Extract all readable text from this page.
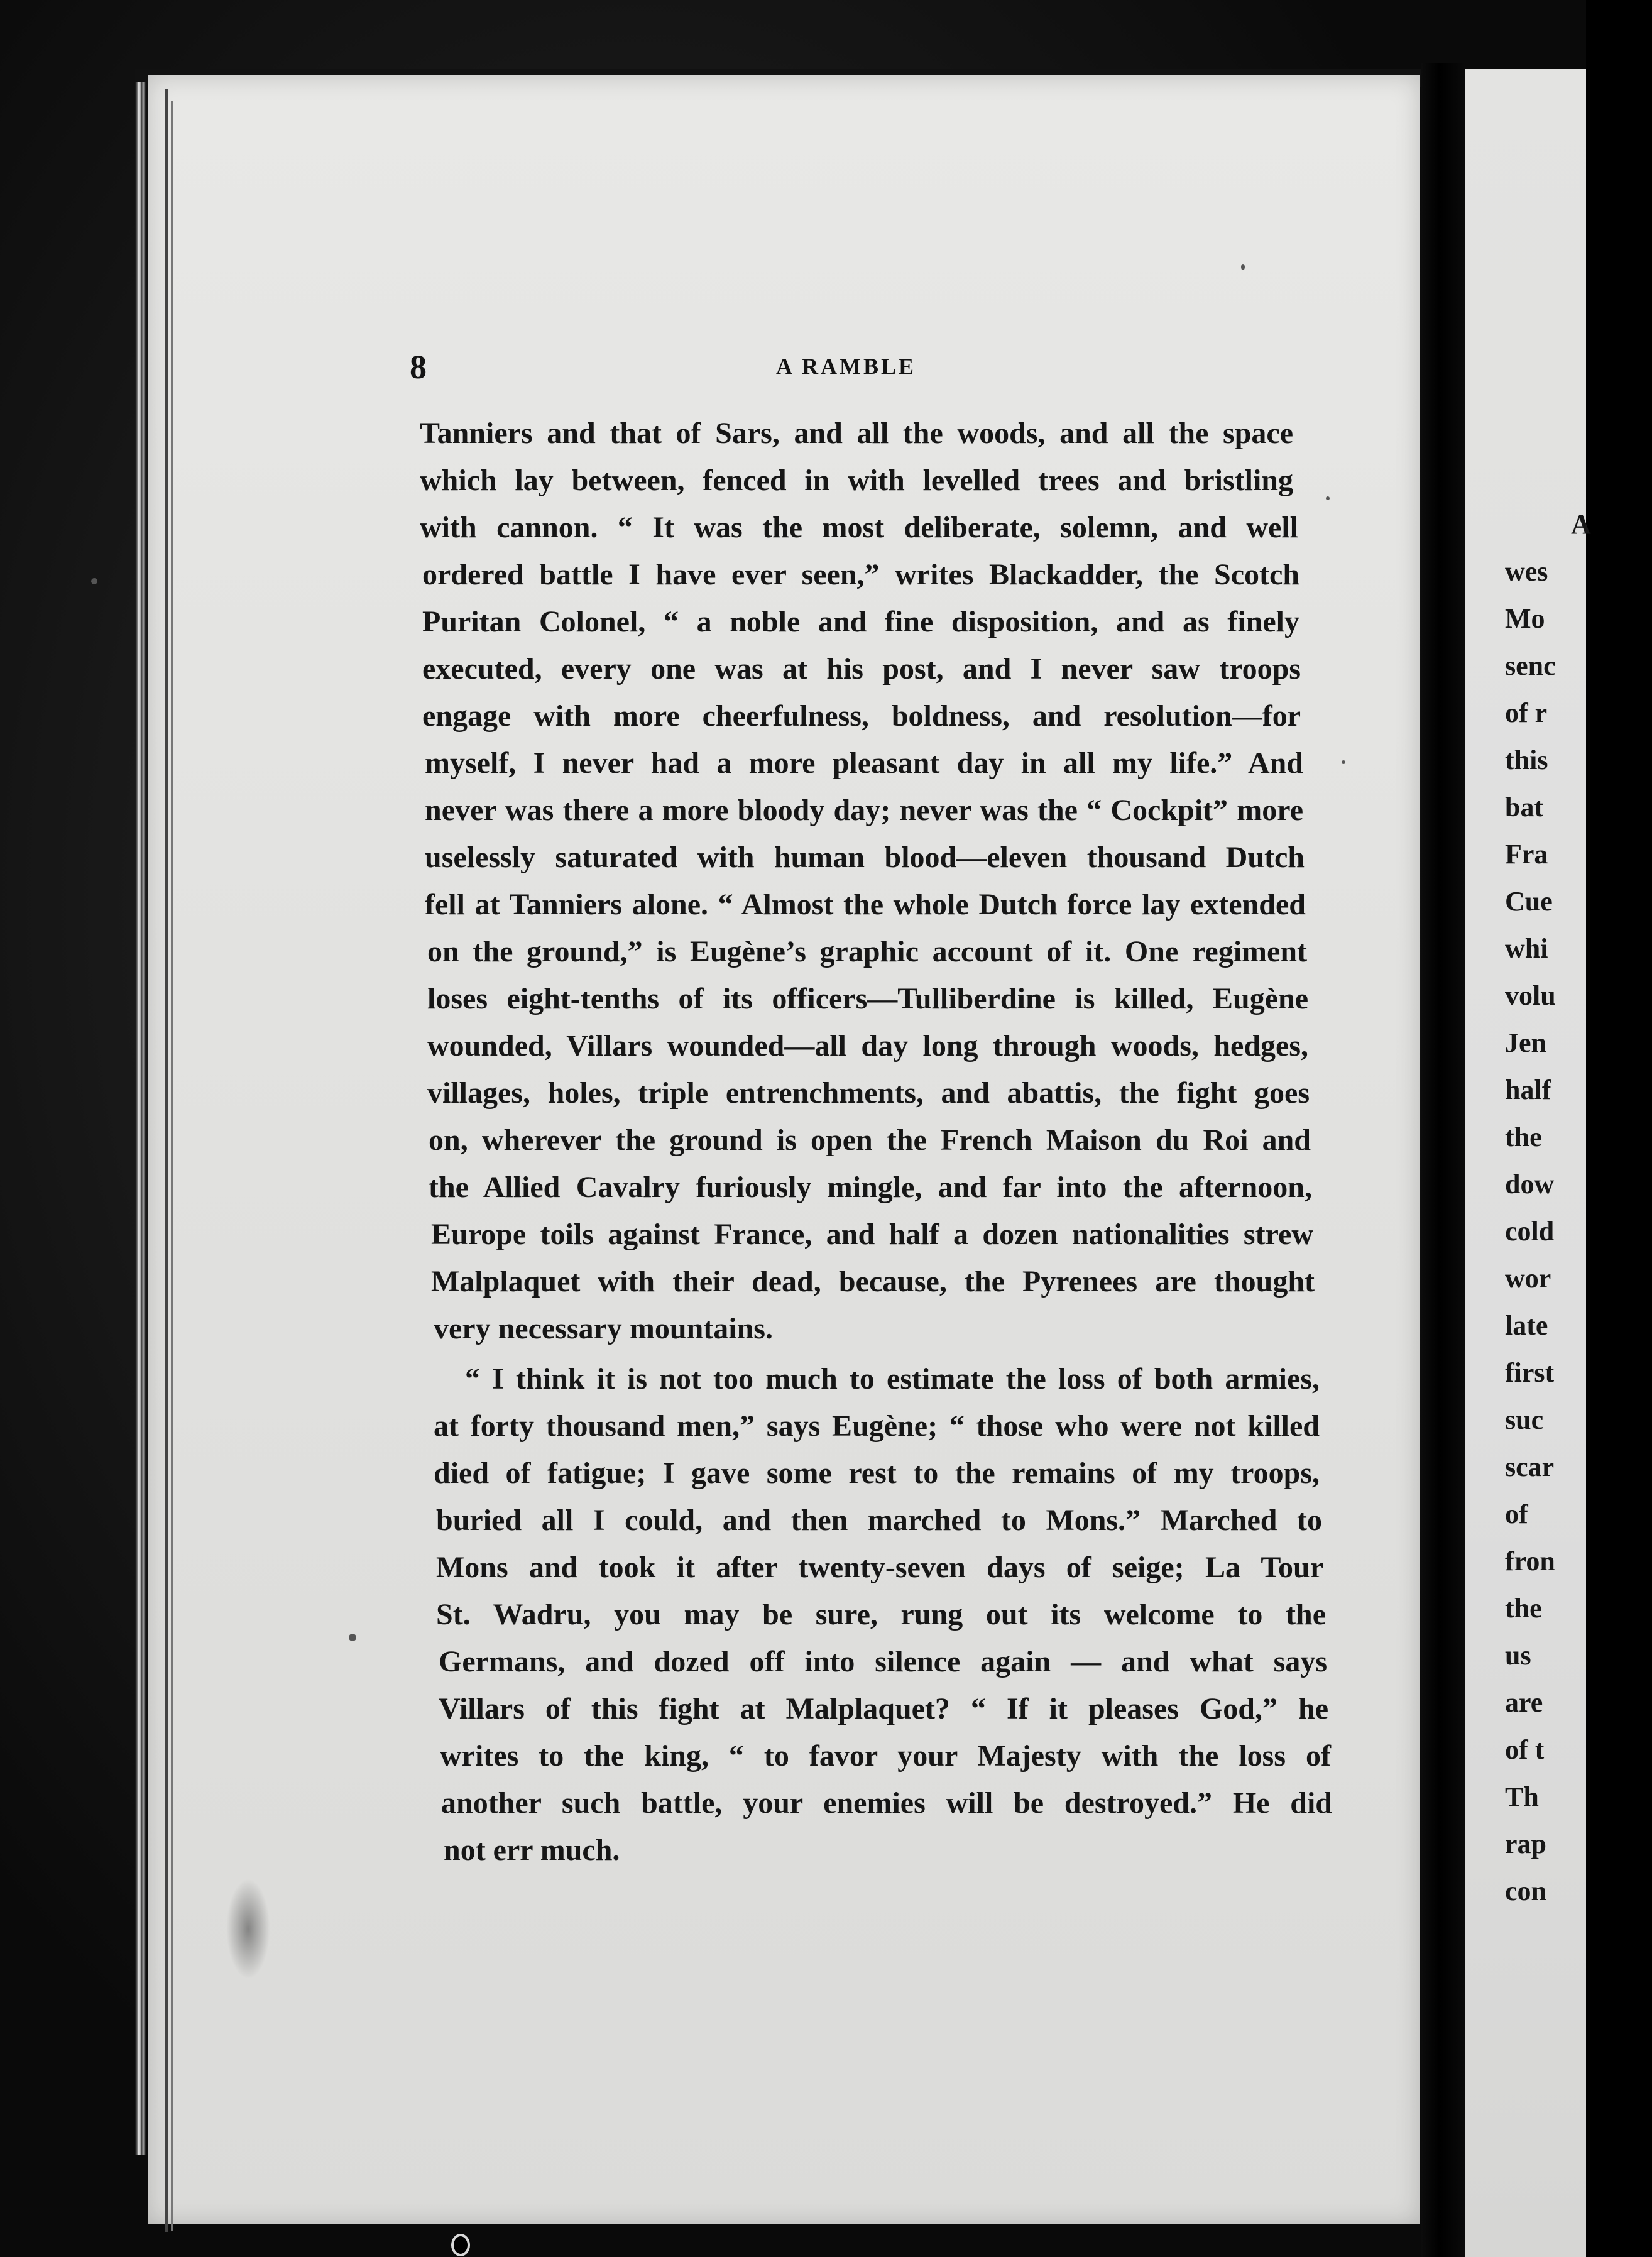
8	A RAMBLE

Tanniers and that of Sars, and all the woods, and all the space

which lay between, fenced in with levelled trees and bristling

with cannon. “ It was the most deliberate, solemn, and well

ordered battle I have ever seen,” writes Blackadder, the Scotch

Puritan Colonel, “ a noble and fine disposition, and as finely

executed, every one was at his post, and I never saw troops

engage with more cheerfulness, boldness, and resolution—for

myself, I never had a more pleasant day in all my life.” And

never was there a more bloody day; never was the “ Cockpit” more

uselessly saturated with human blood—eleven thousand Dutch

fell at Tanniers alone. “ Almost the whole Dutch force lay extended

on the ground,” is Eugène’s graphic account of it. One regiment

loses eight-tenths of its officers—Tulliberdine is killed, Eugène

wounded, Villars wounded—all day long through woods, hedges,

villages, holes, triple entrenchments, and abattis, the fight goes

on, wherever the ground is open the French Maison du Roi and

the Allied Cavalry furiously mingle, and far into the afternoon,

Europe toils against France, and half a dozen nationalities strew

Malplaquet with their dead, because, the Pyrenees are thought

very necessary mountains.

“ I think it is not too much to estimate the loss of both armies,

at forty thousand men,” says Eugène; “ those who were not killed

died of fatigue; I gave some rest to the remains of my troops,

buried all I could, and then marched to Mons.” Marched to

Mons and took it after twenty-seven days of seige; La Tour

St. Wadru, you may be sure, rung out its welcome to the

Germans, and dozed off into silence again — and what says

Villars of this fight at Malplaquet? “ If it pleases God,” he

writes to the king, “ to favor your Majesty with the loss of

another such battle, your enemies will be destroyed.” He did

not err much.

A
wes
Mo
senc
of r
this
bat
Fra
Cue
whi
volu
Jen
half
the
dow
cold
wor
late
first
suc
scar
of
fron
the
us
are
of t
Th
rap
con
